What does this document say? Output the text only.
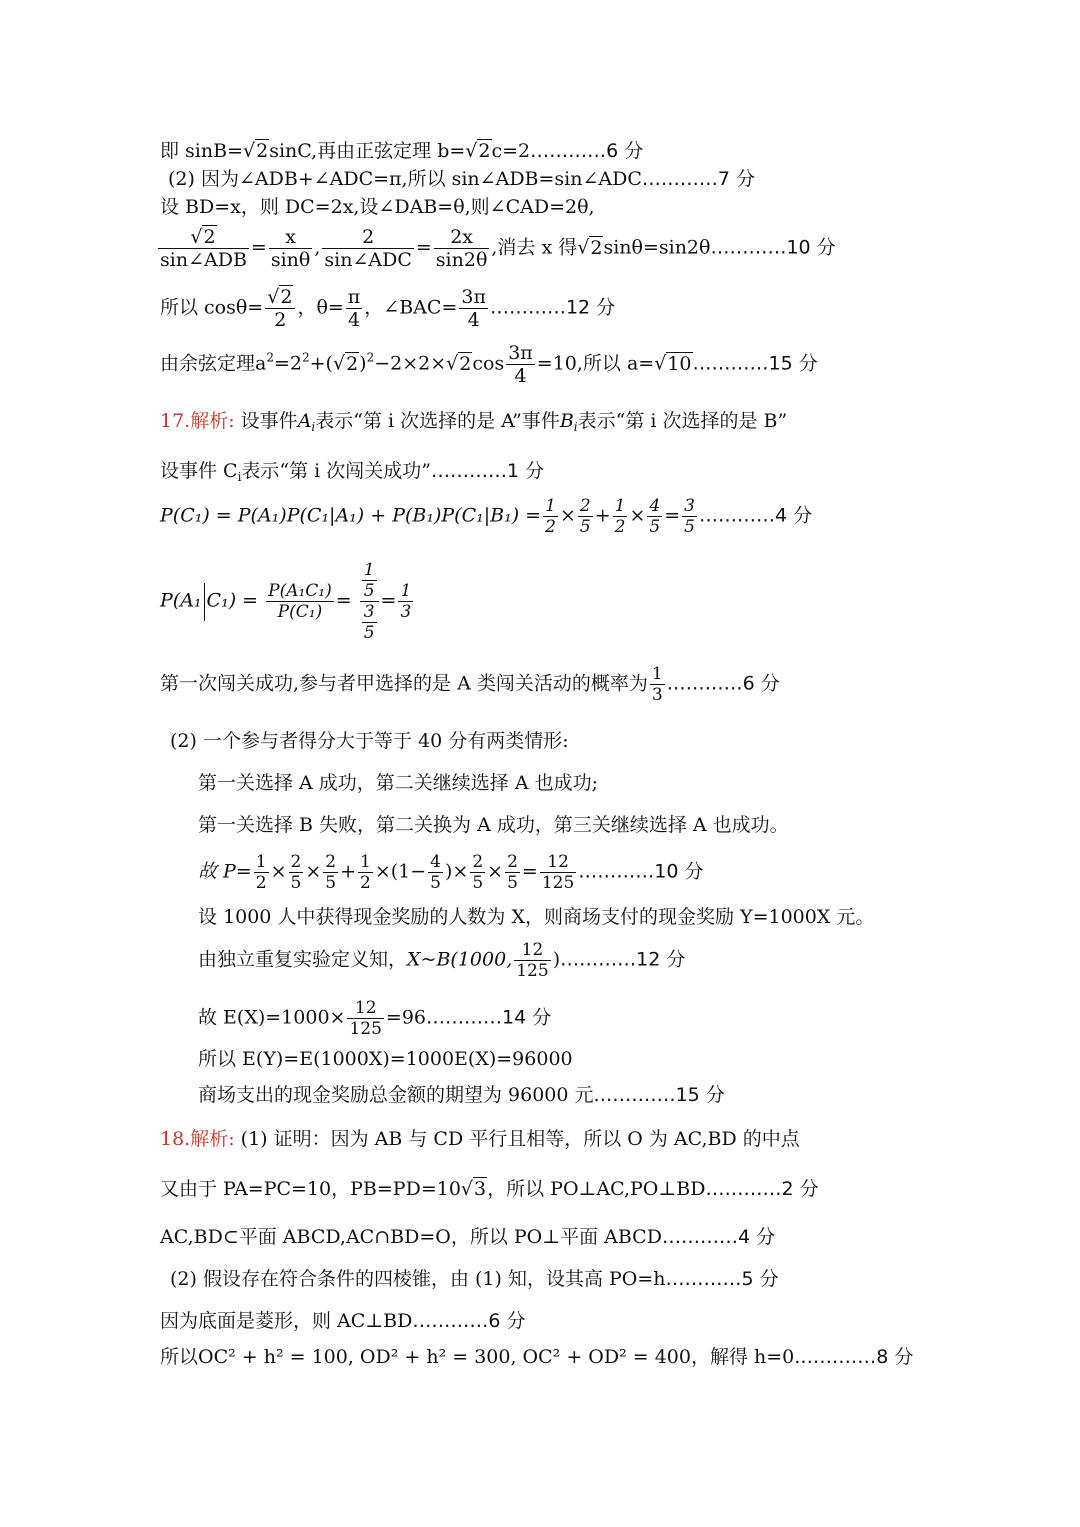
即 sinB=√2sinC,再由正弦定理 b=√2c=2…………6 分
(2) 因为∠ADB+∠ADC=π,所以 sin∠ADB=sin∠ADC…………7 分
设 BD=x，则 DC=2x,设∠DAB=θ,则∠CAD=2θ,
√2
sin∠ADB
= $\frac{x}{\sin\theta}$ ,	2
sin∠ADC
= $\frac{2x}{\sin 2\theta}$ ,消去 x 得√2sinθ=sin2θ…………10 分
所以 $\cos\theta= \frac{√2}{2}$ ，$\theta= \frac{\pi}{4}$ ，∠BAC= $\frac{3\pi}{4}$ …………12 分
由余弦定理$a^2=2^2+(√2)^2-2\times 2\times√2\cos \frac{3\pi}{4} =10$,所以 a=√10…………15 分
17.解析: 设事件$A_i$表示“第 i 次选择的是 A”事件$B_i$表示“第 i 次选择的是 B”
设事件 $C_i$表示“第 i 次闯关成功”…………1 分
$P(C_1) = P(A_1)P(C_1|A_1) + P(B_1)P(C_1|B_1) = \frac{1}{2} \times \frac{2}{5} + \frac{1}{2} \times \frac{4}{5} = \frac{3}{5}$ …………4 分
P(A₁ $C_1) = \frac{\text{P(A₁C₁)}}{\text{P(C₁)}} = \frac{\frac{1}{5}}{\frac{3}{5}} = \frac{1}{3}$
第一次闯关成功,参与者甲选择的是 A 类闯关活动的概率为 $\frac{1}{3}$ …………6 分
(2) 一个参与者得分大于等于 40 分有两类情形:
第一关选择 A 成功，第二关继续选择 A 也成功;
第一关选择 B 失败，第二关换为 A 成功，第三关继续选择 A 也成功。
故 $P= \frac{1}{2} \times \frac{2}{5} \times \frac{2}{5} + \frac{1}{2} \times(1- \frac{4}{5}$ )× $\frac{2}{5} \times \frac{2}{5} = \frac{12}{125}$ …………10 分
设 1000 人中获得现金奖励的人数为 X，则商场支付的现金奖励 Y=1000X 元。
由独立重复实验定义知，X~B(1000, $\frac{12}{125}$ )…………12 分
故 $E(X)=1000\times \frac{12}{125}$ =96…………14 分
所以 E(Y)=E(1000X)=1000E(X)=96000
商场支出的现金奖励总金额的期望为 96000 元.…………15 分
18.解析: (1) 证明：因为 AB 与 CD 平行且相等，所以 O 为 AC,BD 的中点
又由于 PA=PC=10，PB=PD=10√3，所以 PO⊥AC,PO⊥BD…………2 分
AC,BD⊂平面 ABCD,AC∩BD=O，所以 PO⊥平面 ABCD…………4 分
(2) 假设存在符合条件的四棱锥，由 (1) 知，设其高 PO=h…………5 分
因为底面是菱形，则 AC⊥BD…………6 分
所以OC² + h² = 100, OD² + h² = 300, OC² + OD² = 400，解得 h=0.…………8 分
